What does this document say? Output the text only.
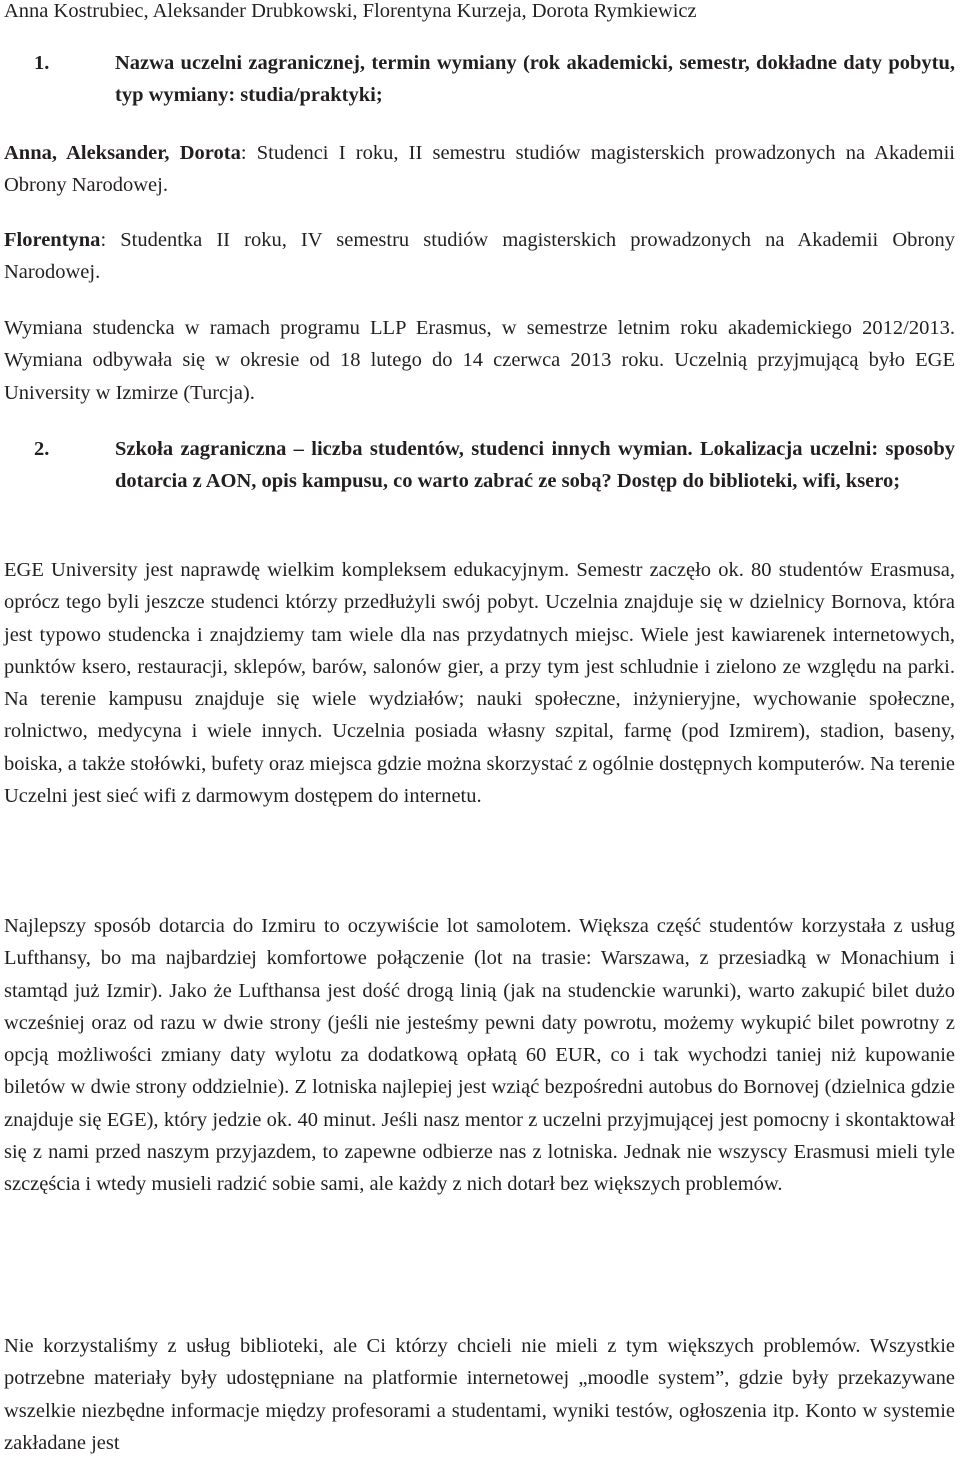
Anna Kostrubiec, Aleksander Drubkowski, Florentyna Kurzeja, Dorota Rymkiewicz
1.	Nazwa uczelni zagranicznej, termin wymiany (rok akademicki, semestr, dokładne daty pobytu, typ wymiany: studia/praktyki;

Anna, Aleksander, Dorota: Studenci I roku, II semestru studiów magisterskich prowadzonych na Akademii Obrony Narodowej.

Florentyna: Studentka II roku, IV semestru studiów magisterskich prowadzonych na Akademii Obrony Narodowej.

Wymiana studencka w ramach programu LLP Erasmus, w semestrze letnim roku akademickiego 2012/2013. Wymiana odbywała się w okresie od 18 lutego do 14 czerwca 2013 roku. Uczelnią przyjmującą było EGE University w Izmirze (Turcja).

2.	Szkoła zagraniczna – liczba studentów, studenci innych wymian. Lokalizacja uczelni: sposoby dotarcia z AON, opis kampusu, co warto zabrać ze sobą? Dostęp do biblioteki, wifi, ksero;

EGE University jest naprawdę wielkim kompleksem edukacyjnym. Semestr zaczęło ok. 80 studentów Erasmusa, oprócz tego byli jeszcze studenci którzy przedłużyli swój pobyt. Uczelnia znajduje się w dzielnicy Bornova, która jest typowo studencka i znajdziemy tam wiele dla nas przydatnych miejsc. Wiele jest kawiarenek internetowych, punktów ksero, restauracji, sklepów, barów, salonów gier, a przy tym jest schludnie i zielono ze względu na parki. Na terenie kampusu znajduje się wiele wydziałów; nauki społeczne, inżynieryjne, wychowanie społeczne, rolnictwo, medycyna i wiele innych. Uczelnia posiada własny szpital, farmę (pod Izmirem), stadion, baseny, boiska, a także stołówki, bufety oraz miejsca gdzie można skorzystać z ogólnie dostępnych komputerów. Na terenie Uczelni jest sieć wifi z darmowym dostępem do internetu.

Najlepszy sposób dotarcia do Izmiru to oczywiście lot samolotem. Większa część studentów korzystała z usług Lufthansy, bo ma najbardziej komfortowe połączenie (lot na trasie: Warszawa, z przesiadką w Monachium i stamtąd już Izmir). Jako że Lufthansa jest dość drogą linią (jak na studenckie warunki), warto zakupić bilet dużo wcześniej oraz od razu w dwie strony (jeśli nie jesteśmy pewni daty powrotu, możemy wykupić bilet powrotny z opcją możliwości zmiany daty wylotu za dodatkową opłatą 60 EUR, co i tak wychodzi taniej niż kupowanie biletów w dwie strony oddzielnie). Z lotniska najlepiej jest wziąć bezpośredni autobus do Bornovej (dzielnica gdzie znajduje się EGE), który jedzie ok. 40 minut. Jeśli nasz mentor z uczelni przyjmującej jest pomocny i skontaktował się z nami przed naszym przyjazdem, to zapewne odbierze nas z lotniska. Jednak nie wszyscy Erasmusi mieli tyle szczęścia i wtedy musieli radzić sobie sami, ale każdy z nich dotarł bez większych problemów.

Nie korzystaliśmy z usług biblioteki, ale Ci którzy chcieli nie mieli z tym większych problemów. Wszystkie potrzebne materiały były udostępniane na platformie internetowej „moodle system”, gdzie były przekazywane wszelkie niezbędne informacje między profesorami a studentami, wyniki testów, ogłoszenia itp. Konto w systemie zakładane jest
